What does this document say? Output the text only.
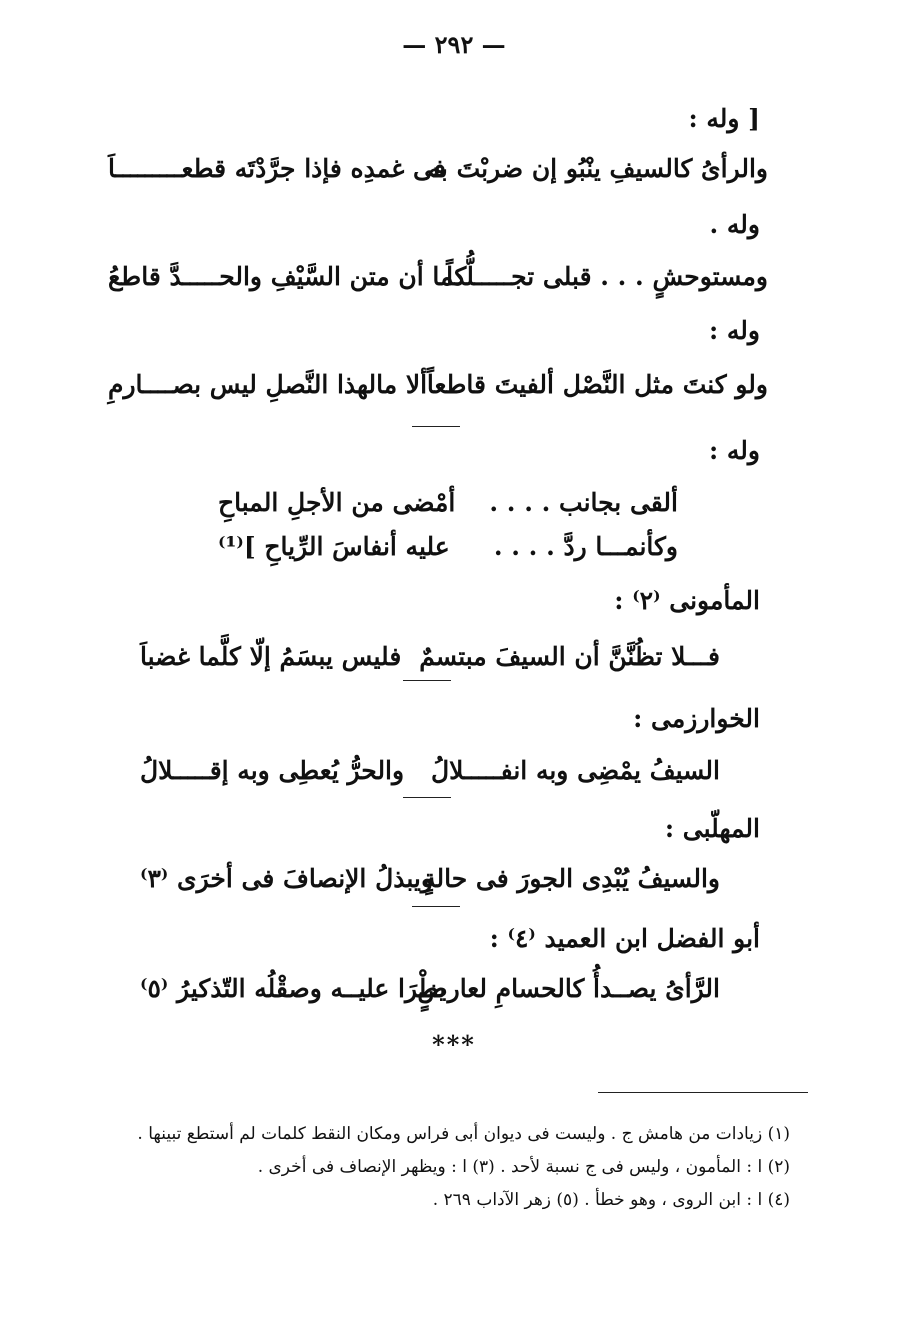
— ٢٩٢ —
[ وله :
والرأىُ كالسيفِ ينْبُو إن ضربْتَ به
فى غمدِه فإذا جرَّدْتَه قطعـــــــــاَ
وله .
ومستوحشٍ . . . قبلى تجـــــلُّداً
كما أن متن السَّيْفِ والحـــــدَّ قاطعُ
وله :
ولو كنتَ مثل النَّصْل ألفيتَ قاطعاً
ألا مالهذا النَّصلِ ليس بصــــارمِ
وله :
ألقى بجانب . . . .
أمْضى من الأجلِ المباحِ
وكأنمـــا ردَّ . . . .
عليه أنفاسَ الرِّياحِ ]⁽¹⁾
المأمونى ⁽٢⁾ :
فـــلا تظُنَّنَّ أن السيفَ مبتسمٌ
فليس يبسَمُ إلّا كلَّما غضباَ
الخوارزمى :
السيفُ يمْضِى وبه انفـــــلالُ
والحرُّ يُعطِى وبه إقـــــلالُ
المهلّبى :
والسيفُ يُبْدِى الجورَ فى حالةٍ
ويبذلُ الإنصافَ فى أخرَى ⁽٣⁾
أبو الفضل ابن العميد ⁽٤⁾ :
الرَّأىُ يصــدأُ كالحسامِ لعارضٍ
يطْرَا عليــه وصقْلُه التّذكيرُ ⁽٥⁾
***
(١) زيادات من هامش ج . وليست فى ديوان أبى فراس ومكان النقط كلمات لم أستطع تبينها .
(٢) ا : المأمون ، وليس فى ج نسبة لأحد . (٣) ا : ويظهر الإنصاف فى أخرى .
(٤) ا : ابن الروى ، وهو خطأ . (٥) زهر الآداب ٢٦٩ .
